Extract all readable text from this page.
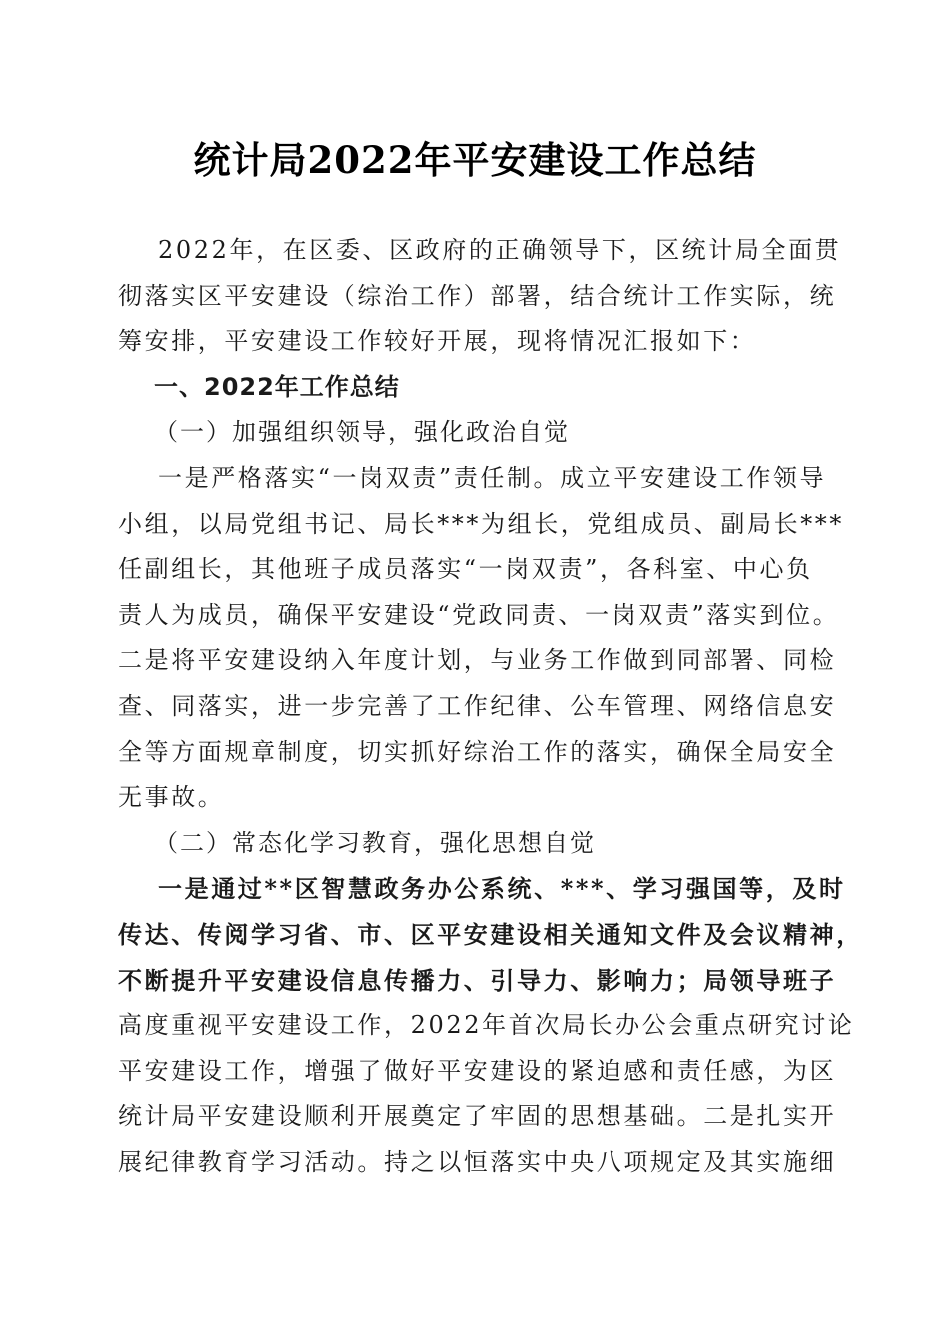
统计局2022年平安建设工作总结
2022年，在区委、区政府的正确领导下，区统计局全面贯
彻落实区平安建设（综治工作）部署，结合统计工作实际，统
筹安排，平安建设工作较好开展，现将情况汇报如下：
一、2022年工作总结
（一）加强组织领导，强化政治自觉
一是严格落实“一岗双责”责任制。成立平安建设工作领导
小组，以局党组书记、局长***为组长，党组成员、副局长***
任副组长，其他班子成员落实“一岗双责”，各科室、中心负
责人为成员，确保平安建设“党政同责、一岗双责”落实到位。
二是将平安建设纳入年度计划，与业务工作做到同部署、同检
查、同落实，进一步完善了工作纪律、公车管理、网络信息安
全等方面规章制度，切实抓好综治工作的落实，确保全局安全
无事故。
（二）常态化学习教育，强化思想自觉
一是通过**区智慧政务办公系统、***、学习强国等，及时
传达、传阅学习省、市、区平安建设相关通知文件及会议精神，
不断提升平安建设信息传播力、引导力、影响力；局领导班子
高度重视平安建设工作，2022年首次局长办公会重点研究讨论
平安建设工作，增强了做好平安建设的紧迫感和责任感，为区
统计局平安建设顺利开展奠定了牢固的思想基础。二是扎实开
展纪律教育学习活动。持之以恒落实中央八项规定及其实施细
